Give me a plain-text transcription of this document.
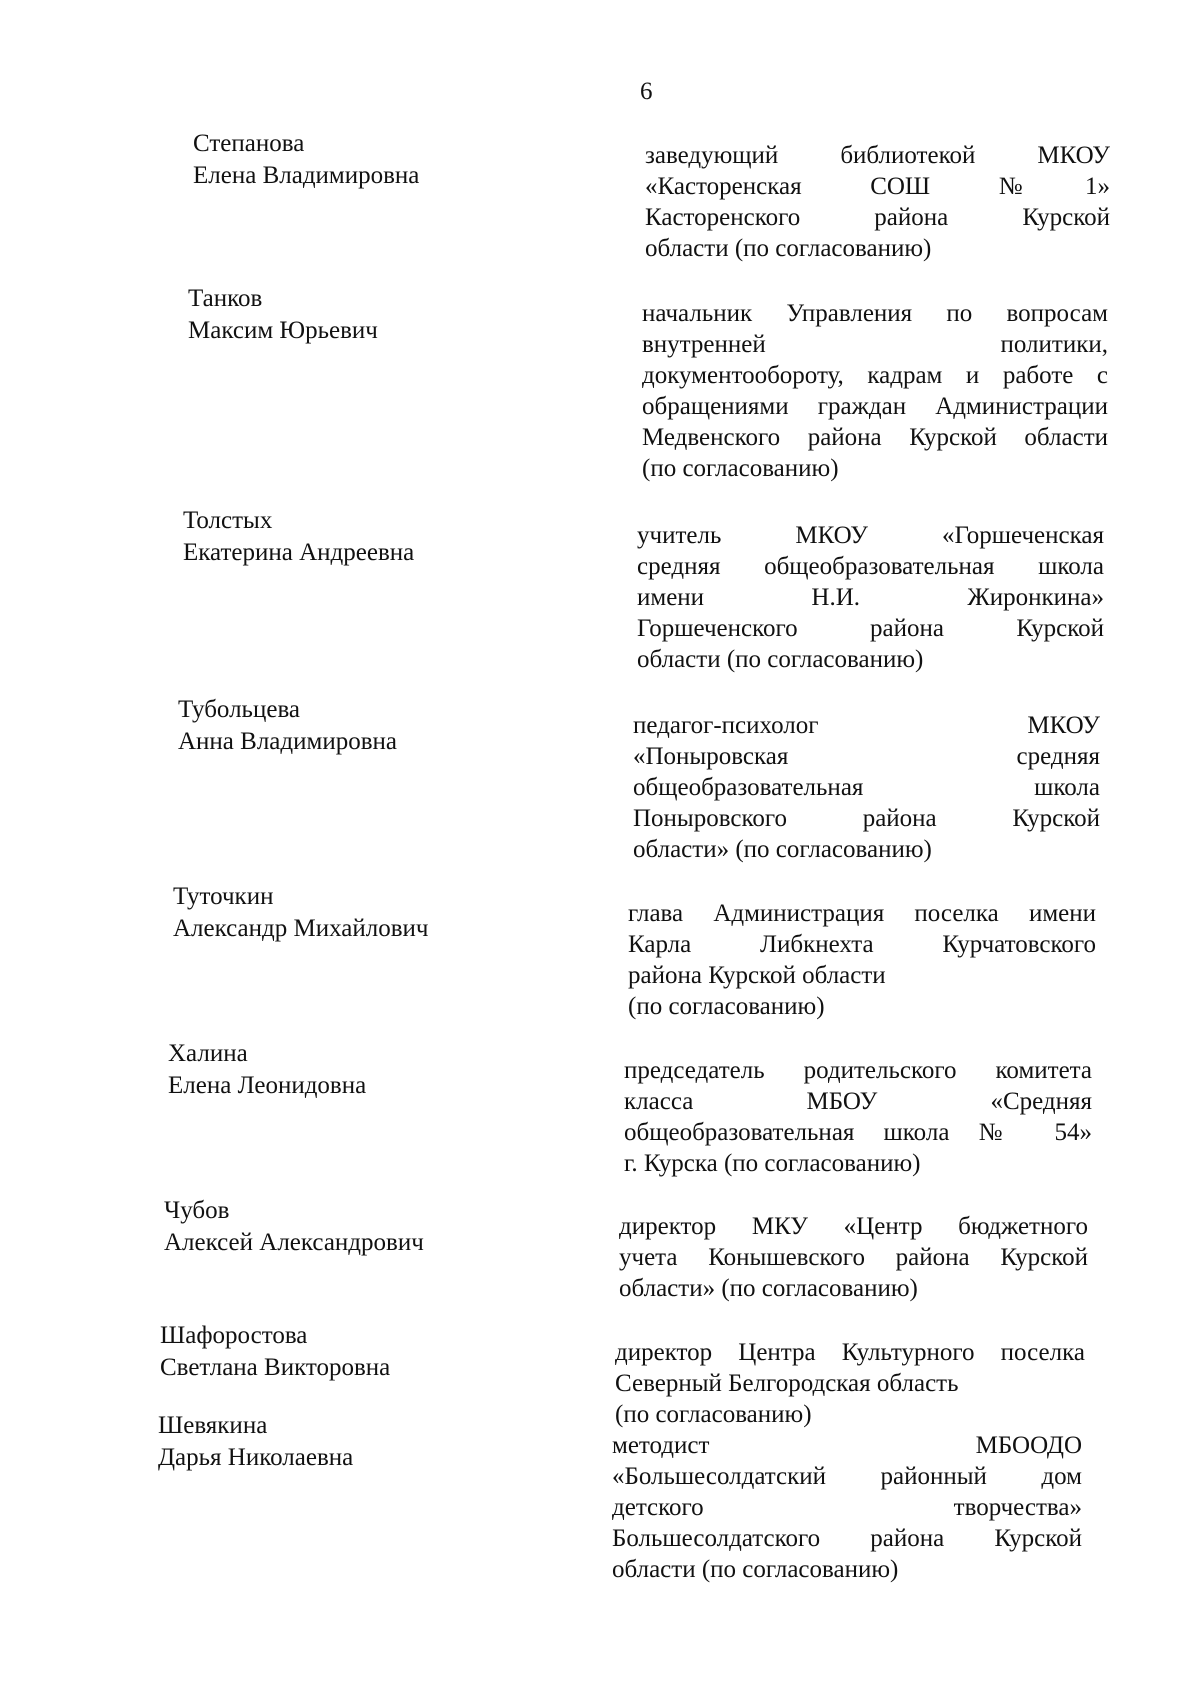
6
Степанова
Елена Владимировна
заведующий библиотекой МКОУ
«Касторенская СОШ №1»
Касторенского района Курской
области (по согласованию)
Танков
Максим Юрьевич
начальник Управления по вопросам
внутренней политики,
документообороту, кадрам и работе с
обращениями граждан Администрации
Медвенского района Курской области
(по согласованию)
Толстых
Екатерина Андреевна
учитель МКОУ «Горшеченская
средняя общеобразовательная школа
имени Н.И. Жиронкина»
Горшеченского района Курской
области (по согласованию)
Тубольцева
Анна Владимировна
педагог-психолог МКОУ
«Поныровская средняя
общеобразовательная школа
Поныровского района Курской
области» (по согласованию)
Туточкин
Александр Михайлович
глава Администрация поселка имени
Карла Либкнехта Курчатовского
района Курской области
(по согласованию)
Халина
Елена Леонидовна
председатель родительского комитета
класса МБОУ «Средняя
общеобразовательная школа № 54»
г. Курска (по согласованию)
Чубов
Алексей Александрович
директор МКУ «Центр бюджетного
учета Конышевского района Курской
области» (по согласованию)
Шафоростова
Светлана Викторовна
директор Центра Культурного поселка
Северный Белгородская область
(по согласованию)
Шевякина
Дарья Николаевна	методист МБООДО
«Большесолдатский районный дом
детского творчества»
Большесолдатского района Курской
области (по согласованию)
